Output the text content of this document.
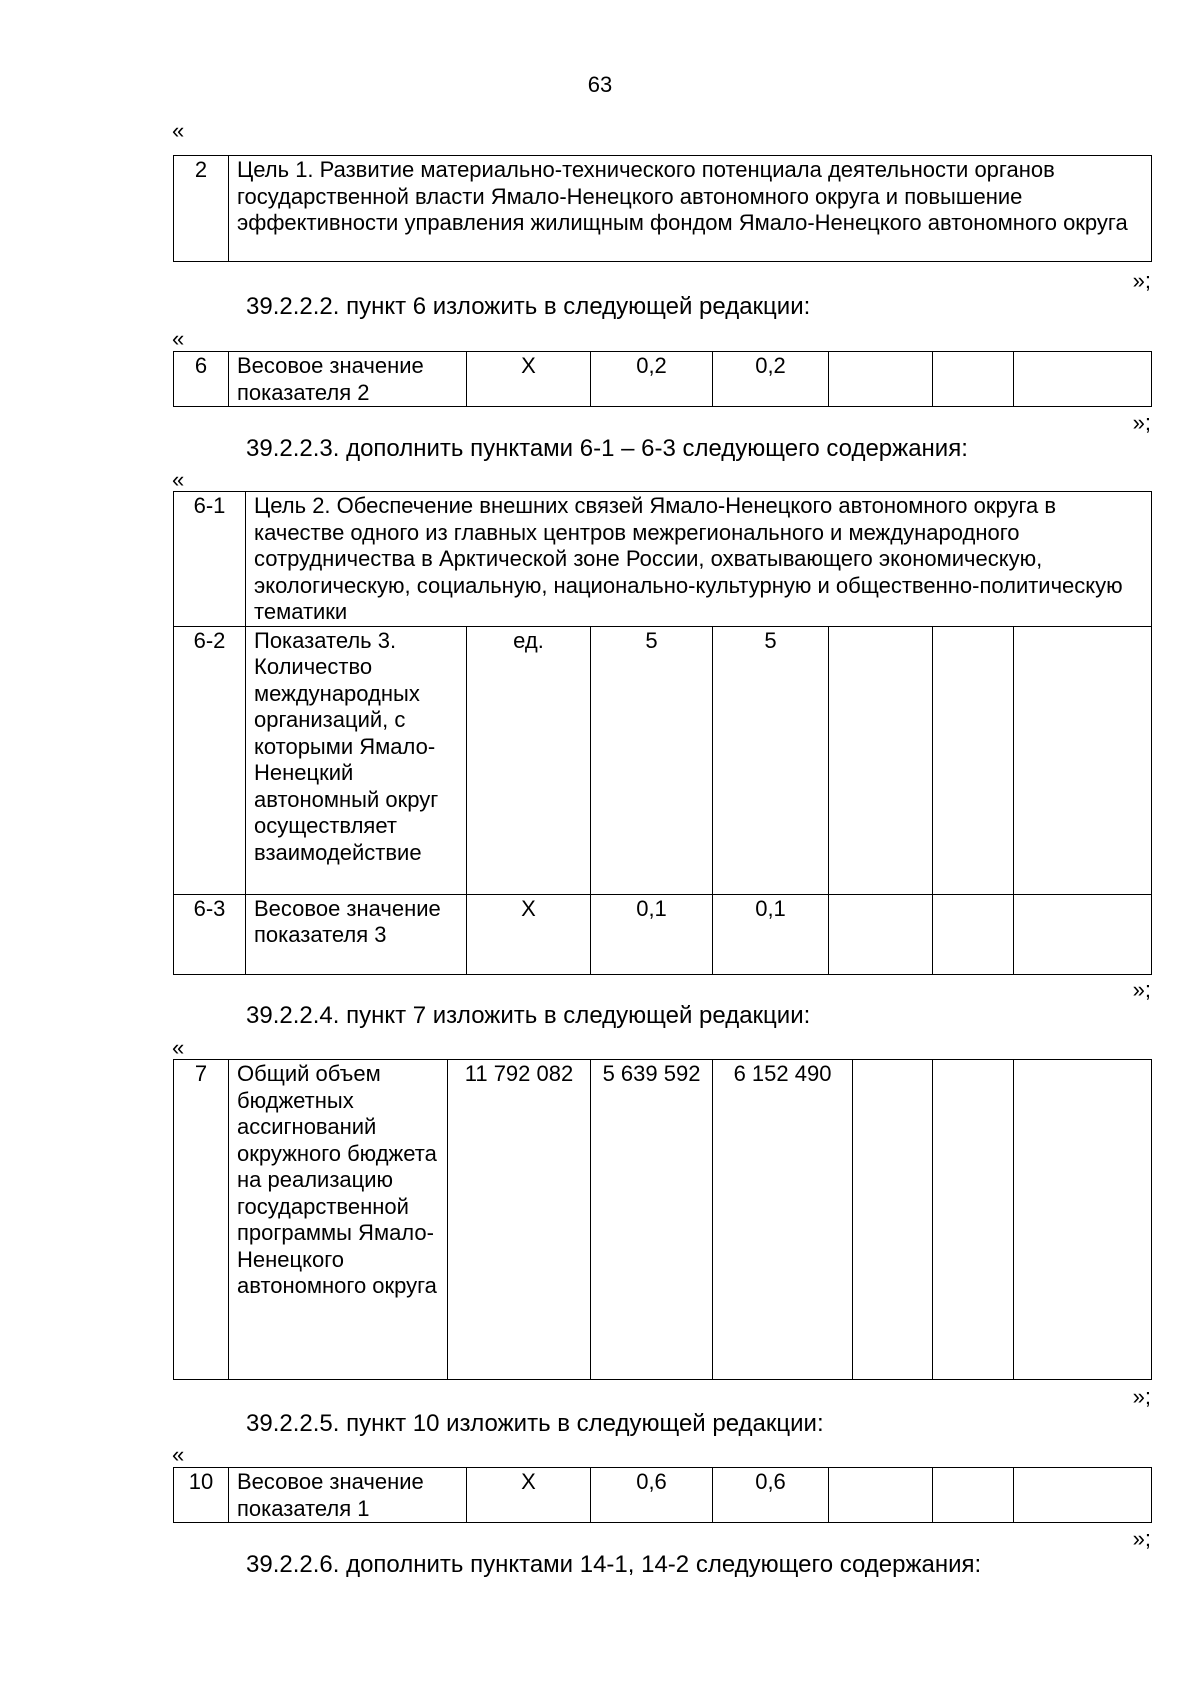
63
«
2	Цель 1. Развитие материально-технического потенциала деятельности органов государственной власти Ямало-Ненецкого автономного округа и повышение эффективности управления жилищным фондом Ямало-Ненецкого автономного округа
»;
39.2.2.2. пункт 6 изложить в следующей редакции:
«
6	Весовое значение показателя 2	Х	0,2	0,2			
»;
39.2.2.3. дополнить пунктами 6-1 – 6-3 следующего содержания:
«
6-1	Цель 2. Обеспечение внешних связей Ямало-Ненецкого автономного округа в качестве одного из главных центров межрегионального и международного сотрудничества в Арктической зоне России, охватывающего экономическую, экологическую, социальную, национально-культурную и общественно-политическую тематики						
6-2	Показатель 3. Количество международных организаций, с которыми Ямало-Ненецкий автономный округ осуществляет взаимодействие	ед.	5	5			
6-3	Весовое значение показателя 3	Х	0,1	0,1			
»;
39.2.2.4. пункт 7 изложить в следующей редакции:
«
7	Общий объем бюджетных ассигнований окружного бюджета на реализацию государственной программы Ямало-Ненецкого автономного округа	11 792 082	5 639 592	6 152 490			
»;
39.2.2.5. пункт 10 изложить в следующей редакции:
«
10	Весовое значение показателя 1	Х	0,6	0,6			
»;
39.2.2.6. дополнить пунктами 14-1, 14-2 следующего содержания:
